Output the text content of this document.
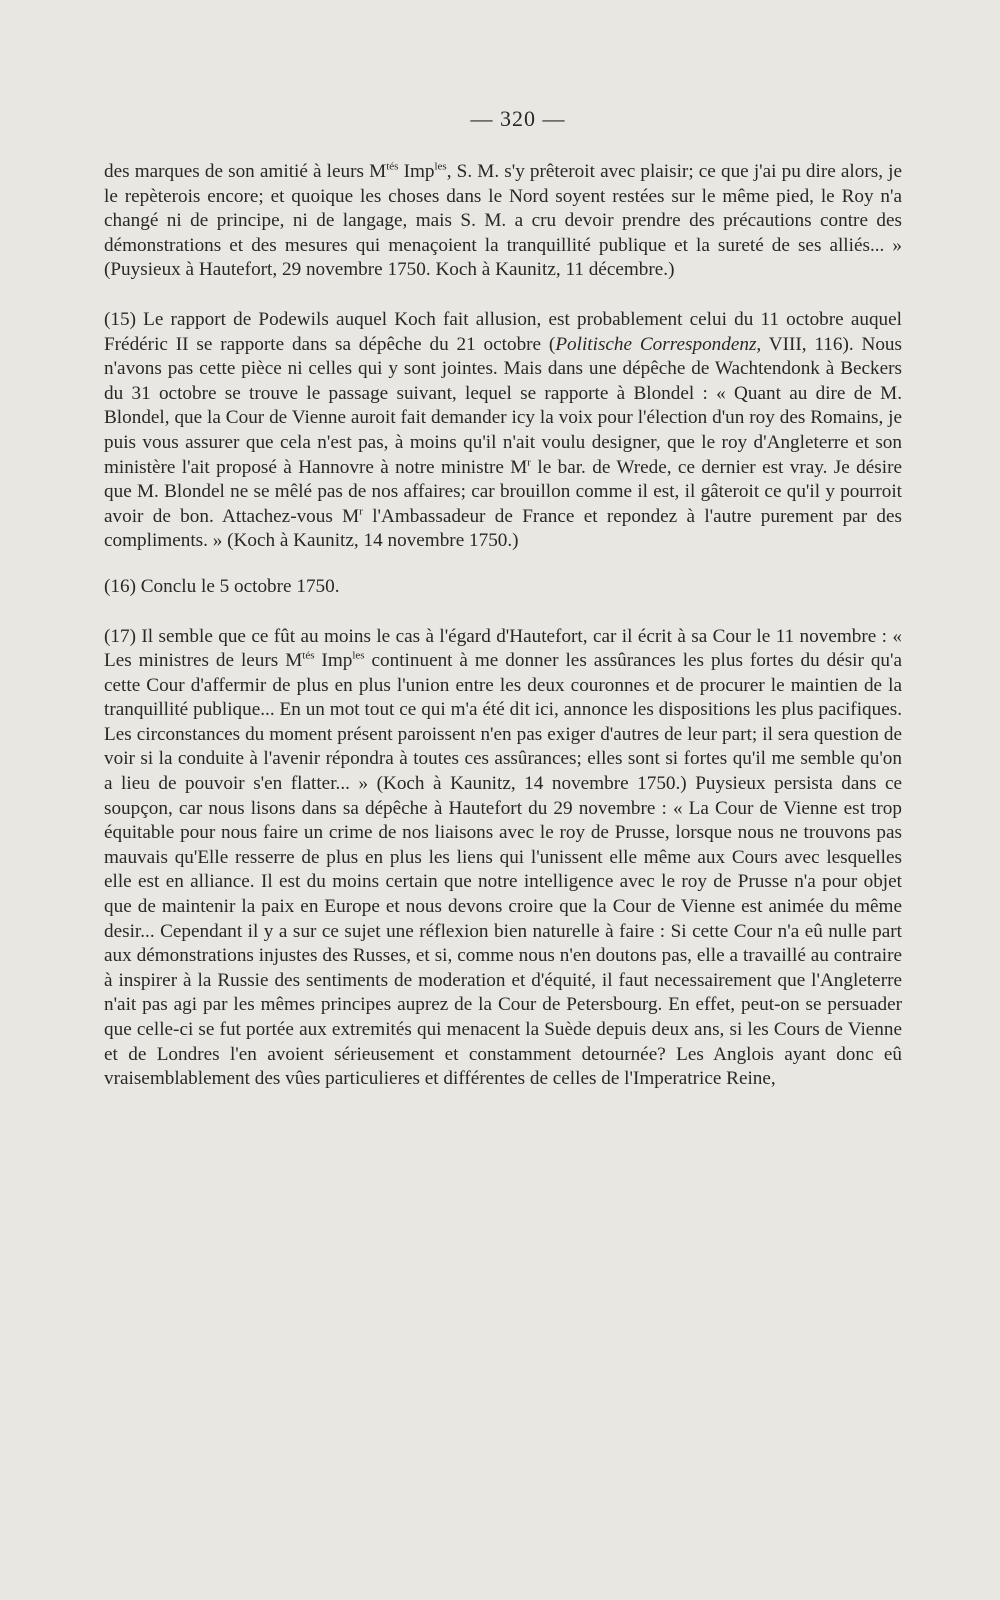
— 320 —

des marques de son amitié à leurs $M^{tés}$ Imp$^{les}$, S. M. s'y prêteroit avec plaisir; ce que j'ai pu dire alors, je le repèterois encore; et quoique les choses dans le Nord soyent restées sur le même pied, le Roy n'a changé ni de principe, ni de langage, mais S. M. a cru devoir prendre des précautions contre des démonstrations et des mesures qui menaçoient la tranquillité publique et la sureté de ses alliés... » (Puysieux à Hautefort, 29 novembre 1750. Koch à Kaunitz, 11 décembre.)

(15) Le rapport de Podewils auquel Koch fait allusion, est probablement celui du 11 octobre auquel Frédéric II se rapporte dans sa dépêche du 21 octobre (Politische Correspondenz, VIII, 116). Nous n'avons pas cette pièce ni celles qui y sont jointes. Mais dans une dépêche de Wachtendonk à Beckers du 31 octobre se trouve le passage suivant, lequel se rapporte à Blondel : « Quant au dire de M. Blondel, que la Cour de Vienne auroit fait demander icy la voix pour l'élection d'un roy des Romains, je puis vous assurer que cela n'est pas, à moins qu'il n'ait voulu designer, que le roy d'Angleterre et son ministère l'ait proposé à Hannovre à notre ministre $M^r$ le bar. de Wrede, ce dernier est vray. Je désire que M. Blondel ne se mêlé pas de nos affaires; car brouillon comme il est, il gâteroit ce qu'il y pourroit avoir de bon. Attachez-vous $M^r$ l'Ambassadeur de France et repondez à l'autre purement par des compliments. » (Koch à Kaunitz, 14 novembre 1750.)

(16) Conclu le 5 octobre 1750.

(17) Il semble que ce fût au moins le cas à l'égard d'Hautefort, car il écrit à sa Cour le 11 novembre : « Les ministres de leurs $M^{tés}$ Imp$^{les}$ continuent à me donner les assûrances les plus fortes du désir qu'a cette Cour d'affermir de plus en plus l'union entre les deux couronnes et de procurer le maintien de la tranquillité publique... En un mot tout ce qui m'a été dit ici, annonce les dispositions les plus pacifiques. Les circonstances du moment présent paroissent n'en pas exiger d'autres de leur part; il sera question de voir si la conduite à l'avenir répondra à toutes ces assûrances; elles sont si fortes qu'il me semble qu'on a lieu de pouvoir s'en flatter... » (Koch à Kaunitz, 14 novembre 1750.) Puysieux persista dans ce soupçon, car nous lisons dans sa dépêche à Hautefort du 29 novembre : « La Cour de Vienne est trop équitable pour nous faire un crime de nos liaisons avec le roy de Prusse, lorsque nous ne trouvons pas mauvais qu'Elle resserre de plus en plus les liens qui l'unissent elle même aux Cours avec lesquelles elle est en alliance. Il est du moins certain que notre intelligence avec le roy de Prusse n'a pour objet que de maintenir la paix en Europe et nous devons croire que la Cour de Vienne est animée du même desir... Cependant il y a sur ce sujet une réflexion bien naturelle à faire : Si cette Cour n'a eû nulle part aux démonstrations injustes des Russes, et si, comme nous n'en doutons pas, elle a travaillé au contraire à inspirer à la Russie des sentiments de moderation et d'équité, il faut necessairement que l'Angleterre n'ait pas agi par les mêmes principes auprez de la Cour de Petersbourg. En effet, peut-on se persuader que celle-ci se fut portée aux extremités qui menacent la Suède depuis deux ans, si les Cours de Vienne et de Londres l'en avoient sérieusement et constamment detournée? Les Anglois ayant donc eû vraisemblablement des vûes particulieres et différentes de celles de l'Imperatrice Reine,
